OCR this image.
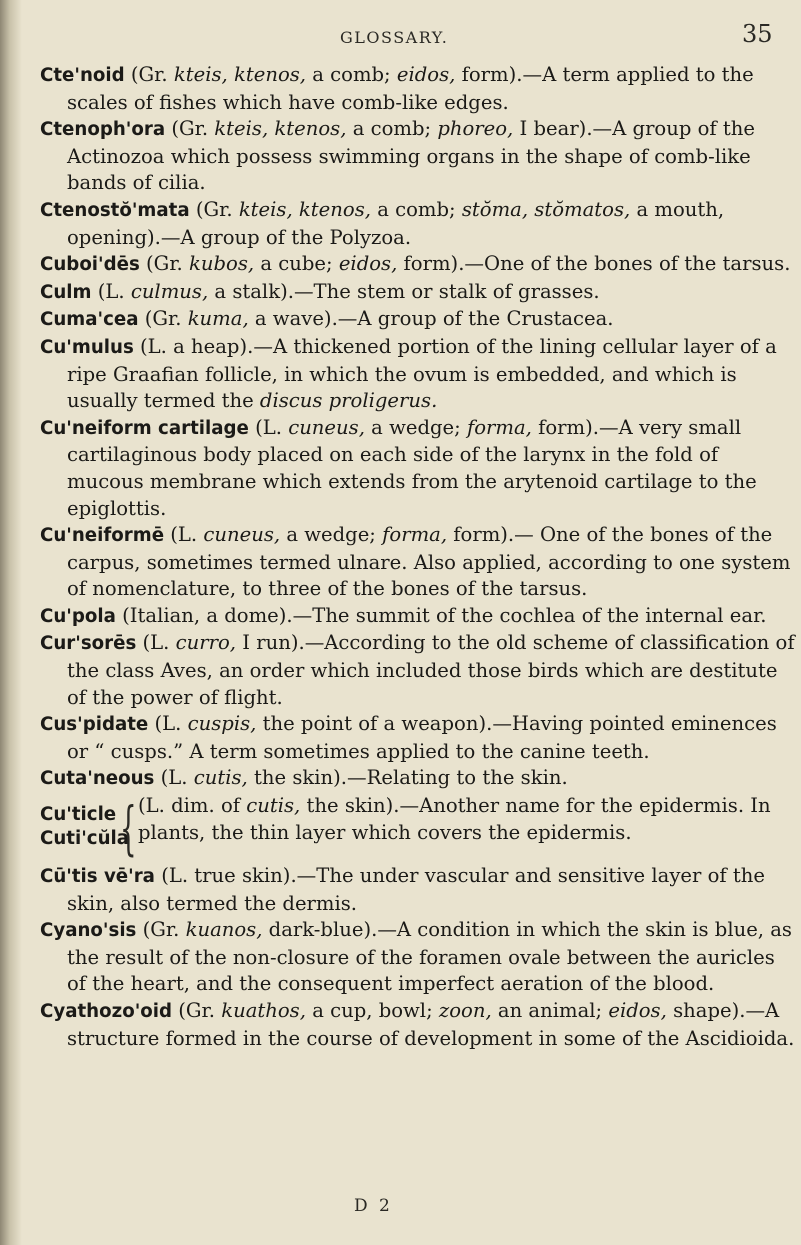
GLOSSARY.	35
Cte'noid (Gr. kteis, ktenos, a comb; eidos, form).—A term applied to the scales of fishes which have comb-like edges.
Ctenoph'ora (Gr. kteis, ktenos, a comb; phoreo, I bear).—A group of the Actinozoa which possess swimming organs in the shape of comb-like bands of cilia.
Ctenostŏ'mata (Gr. kteis, ktenos, a comb; stŏma, stŏmatos, a mouth, opening).—A group of the Polyzoa.
Cuboi'dēs (Gr. kubos, a cube; eidos, form).—One of the bones of the tarsus.
Culm (L. culmus, a stalk).—The stem or stalk of grasses.
Cuma'cea (Gr. kuma, a wave).—A group of the Crustacea.
Cu'mulus (L. a heap).—A thickened portion of the lining cellular layer of a ripe Graafian follicle, in which the ovum is embedded, and which is usually termed the discus proligerus.
Cu'neiform cartilage (L. cuneus, a wedge; forma, form).—A very small cartilaginous body placed on each side of the larynx in the fold of mucous membrane which extends from the arytenoid cartilage to the epiglottis.
Cu'neiformē (L. cuneus, a wedge; forma, form).— One of the bones of the carpus, sometimes termed ulnare. Also applied, according to one system of nomenclature, to three of the bones of the tarsus.
Cu'pola (Italian, a dome).—The summit of the cochlea of the internal ear.
Cur'sorēs (L. curro, I run).—According to the old scheme of classification of the class Aves, an order which included those birds which are destitute of the power of flight.
Cus'pidate (L. cuspis, the point of a weapon).—Having pointed eminences or “ cusps.” A term sometimes applied to the canine teeth.
Cuta'neous (L. cutis, the skin).—Relating to the skin.
Cu'ticle
Cuti'cŭla
{ (L. dim. of cutis, the skin).—Another name for the epidermis. In plants, the thin layer which covers the epidermis.
Cū'tis vē'ra (L. true skin).—The under vascular and sensitive layer of the skin, also termed the dermis.
Cyano'sis (Gr. kuanos, dark-blue).—A condition in which the skin is blue, as the result of the non-closure of the foramen ovale between the auricles of the heart, and the consequent imperfect aeration of the blood.
Cyathozo'oid (Gr. kuathos, a cup, bowl; zoon, an animal; eidos, shape).—A structure formed in the course of development in some of the Ascidioida.
D 2
